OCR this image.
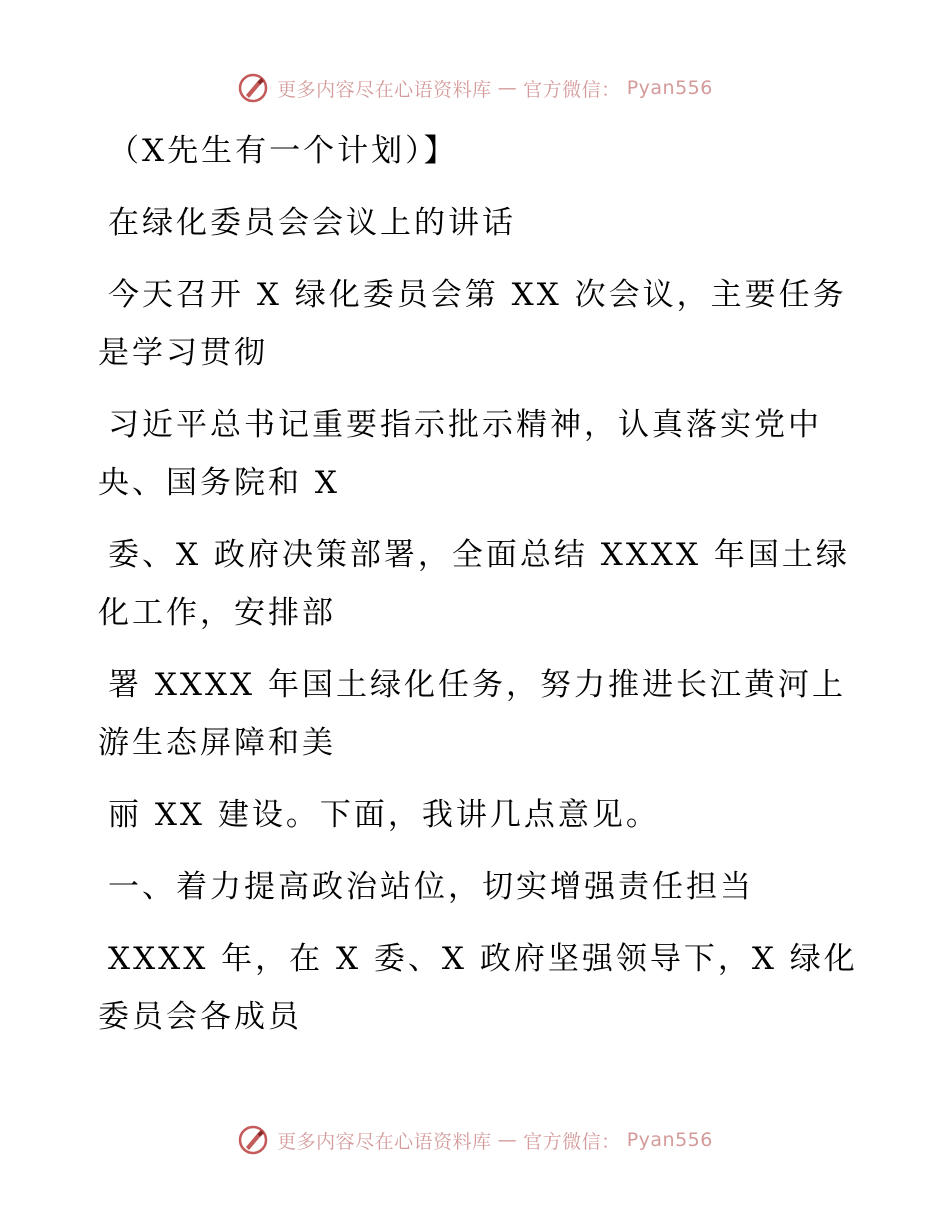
更多内容尽在心语资料库 — 官方微信： Pyan556

（X先生有一个计划）】

在绿化委员会会议上的讲话

今天召开 X 绿化委员会第 XX 次会议，主要任务

是学习贯彻

习近平总书记重要指示批示精神，认真落实党中

央、国务院和 X

委、X 政府决策部署，全面总结 XXXX 年国土绿

化工作，安排部

署 XXXX 年国土绿化任务，努力推进长江黄河上

游生态屏障和美

丽 XX 建设。下面，我讲几点意见。

一、着力提高政治站位，切实增强责任担当

XXXX 年，在 X 委、X 政府坚强领导下，X 绿化

委员会各成员

更多内容尽在心语资料库 — 官方微信： Pyan556
